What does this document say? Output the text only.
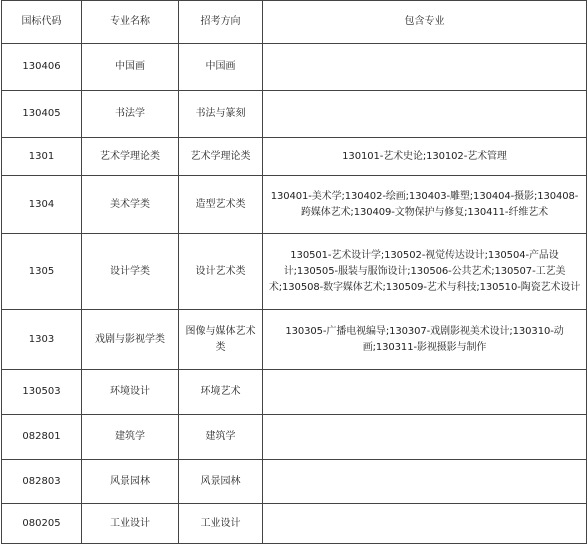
国标代码	专业名称	招考方向	包含专业
130406	中国画	中国画	
130405	书法学	书法与篆刻	
1301	艺术学理论类	艺术学理论类	130101-艺术史论;130102-艺术管理
1304	美术学类	造型艺术类	130401-美术学;130402-绘画;130403-雕塑;130404-摄影;130408-跨媒体艺术;130409-文物保护与修复;130411-纤维艺术
1305	设计学类	设计艺术类	130501-艺术设计学;130502-视觉传达设计;130504-产品设计;130505-服装与服饰设计;130506-公共艺术;130507-工艺美术;130508-数字媒体艺术;130509-艺术与科技;130510-陶瓷艺术设计
1303	戏剧与影视学类	图像与媒体艺术类	130305-广播电视编导;130307-戏剧影视美术设计;130310-动画;130311-影视摄影与制作
130503	环境设计	环境艺术	
082801	建筑学	建筑学	
082803	风景园林	风景园林	
080205	工业设计	工业设计	
